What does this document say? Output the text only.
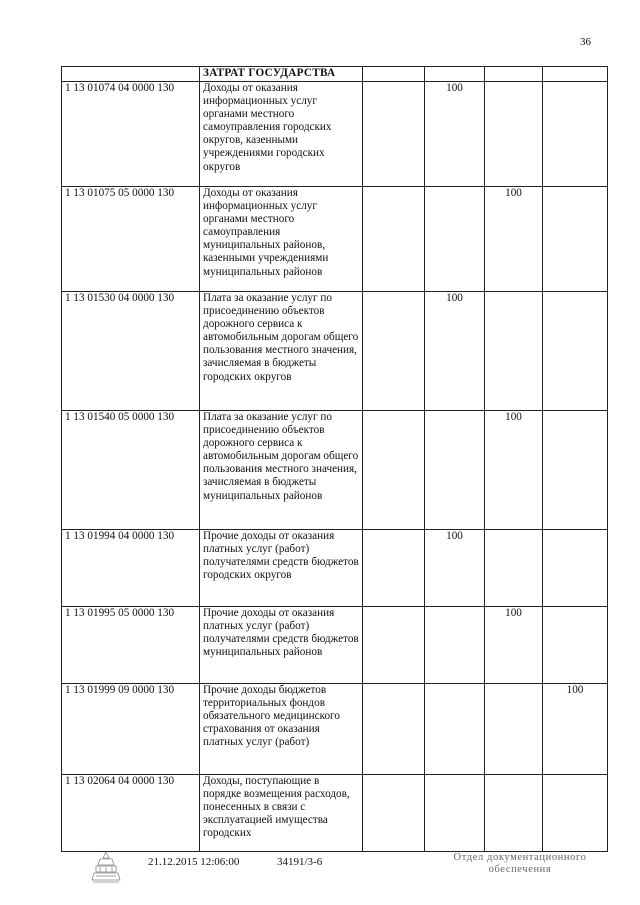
36
	ЗАТРАТ ГОСУДАРСТВА				
1 13 01074 04 0000 130	Доходы от оказания информационных услуг органами местного самоуправления городских округов, казенными учреждениями городских округов		100		
1 13 01075 05 0000 130	Доходы от оказания информационных услуг органами местного самоуправления муниципальных районов, казенными учреждениями муниципальных районов			100	
1 13 01530 04 0000 130	Плата за оказание услуг по присоединению объектов дорожного сервиса к автомобильным дорогам общего пользования местного значения, зачисляемая в бюджеты городских округов		100		
1 13 01540 05 0000 130	Плата за оказание услуг по присоединению объектов дорожного сервиса к автомобильным дорогам общего пользования местного значения, зачисляемая в бюджеты муниципальных районов			100	
1 13 01994 04 0000 130	Прочие доходы от оказания платных услуг (работ) получателями средств бюджетов городских округов		100		
1 13 01995 05 0000 130	Прочие доходы от оказания платных услуг (работ) получателями средств бюджетов муниципальных районов			100	
1 13 01999 09 0000 130	Прочие доходы бюджетов территориальных фондов обязательного медицинского страхования от оказания платных услуг (работ)				100
1 13 02064 04 0000 130	Доходы, поступающие в порядке возмещения расходов, понесенных в связи с эксплуатацией имущества городских				
21.12.2015 12:06:00	34191/3-6	Отдел документационного
обеспечения
